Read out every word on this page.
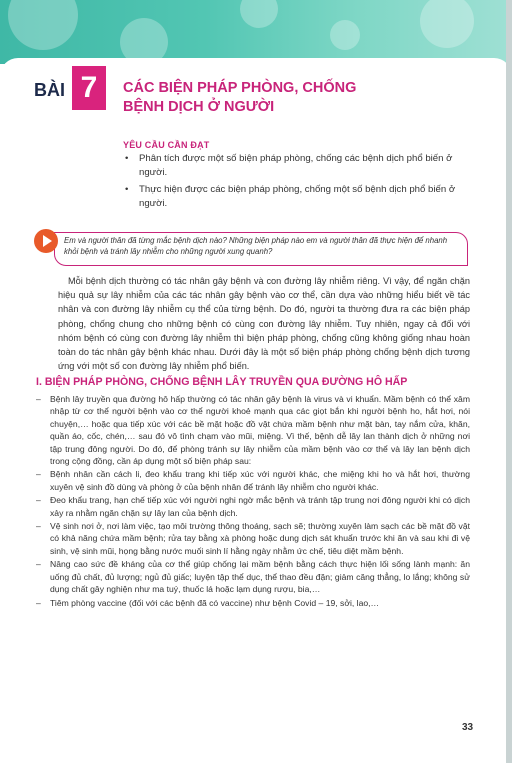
BÀI 7	CÁC BIỆN PHÁP PHÒNG, CHỐNG
BỆNH DỊCH Ở NGƯỜI
YÊU CẦU CẦN ĐẠT
• Phân tích được một số biện pháp phòng, chống các bệnh dịch phổ biến ở người.
• Thực hiện được các biện pháp phòng, chống một số bệnh dịch phổ biến ở người.
Em và người thân đã từng mắc bệnh dịch nào? Những biện pháp nào em và người thân đã thực hiện để nhanh khỏi bệnh và tránh lây nhiễm cho những người xung quanh?
Mỗi bệnh dịch thường có tác nhân gây bệnh và con đường lây nhiễm riêng. Vì vậy, để ngăn chặn hiệu quả sự lây nhiễm của các tác nhân gây bệnh vào cơ thể, cần dựa vào những hiểu biết về tác nhân và con đường lây nhiễm cụ thể của từng bệnh. Do đó, người ta thường đưa ra các biện pháp phòng, chống chung cho những bệnh có cùng con đường lây nhiễm. Tuy nhiên, ngay cả đối với nhóm bệnh có cùng con đường lây nhiễm thì biện pháp phòng, chống cũng không giống nhau hoàn toàn do tác nhân gây bệnh khác nhau. Dưới đây là một số biện pháp phòng chống bệnh dịch tương ứng với một số con đường lây nhiễm phổ biến.
I. BIỆN PHÁP PHÒNG, CHỐNG BỆNH LÂY TRUYỀN QUA ĐƯỜNG HÔ HẤP
– Bệnh lây truyền qua đường hô hấp thường có tác nhân gây bệnh là virus và vi khuẩn. Mầm bệnh có thể xâm nhập từ cơ thể người bệnh vào cơ thể người khoẻ mạnh qua các giọt bắn khi người bệnh ho, hắt hơi, nói chuyện,… hoặc qua tiếp xúc với các bề mặt hoặc đồ vật chứa mầm bệnh như mặt bàn, tay nắm cửa, khăn, quần áo, cốc, chén,… sau đó vô tình chạm vào mũi, miệng. Vì thế, bệnh dễ lây lan thành dịch ở những nơi tập trung đông người. Do đó, để phòng tránh sự lây nhiễm của mầm bệnh vào cơ thể và lây lan bệnh dịch trong cộng đồng, cần áp dụng một số biện pháp sau:
– Bệnh nhân cần cách li, đeo khẩu trang khi tiếp xúc với người khác, che miệng khi ho và hắt hơi, thường xuyên vệ sinh đồ dùng và phòng ở của bệnh nhân để tránh lây nhiễm cho người khác.
– Đeo khẩu trang, hạn chế tiếp xúc với người nghi ngờ mắc bệnh và tránh tập trung nơi đông người khi có dịch xảy ra nhằm ngăn chặn sự lây lan của bệnh dịch.
– Vệ sinh nơi ở, nơi làm việc, tạo môi trường thông thoáng, sạch sẽ; thường xuyên làm sạch các bề mặt đồ vật có khả năng chứa mầm bệnh; rửa tay bằng xà phòng hoặc dung dịch sát khuẩn trước khi ăn và sau khi đi vệ sinh, vệ sinh mũi, họng bằng nước muối sinh lí hằng ngày nhằm ức chế, tiêu diệt mầm bệnh.
– Nâng cao sức đề kháng của cơ thể giúp chống lại mầm bệnh bằng cách thực hiện lối sống lành mạnh: ăn uống đủ chất, đủ lượng; ngủ đủ giấc; luyện tập thể dục, thể thao đều đặn; giảm căng thẳng, lo lắng; không sử dụng chất gây nghiện như ma tuý, thuốc lá hoặc lạm dụng rượu, bia,…
– Tiêm phòng vaccine (đối với các bệnh đã có vaccine) như bệnh Covid – 19, sởi, lao,…
33
